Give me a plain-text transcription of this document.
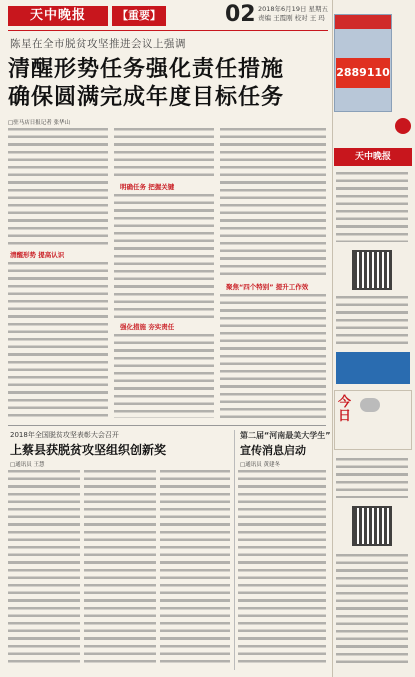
天中晚报	【重要】	02 2018年6月19日 星期五
责编 王霞刚 校对 王 玛
陈星在全市脱贫攻坚推进会议上强调
清醒形势任务强化责任措施
确保圆满完成年度目标任务
□驻马店日报记者 张华山
清醒形势 提高认识
明确任务 把握关键
强化措施 夯实责任
聚焦“四个特别” 提升工作效
2018年全国脱贫攻坚表彰大会召开
上蔡县获脱贫攻坚组织创新奖
□通讯员 王慧
第二届“河南最美大学生”
宣传消息启动
□通讯员 黄建冬
2889110
天中晚报
今日
